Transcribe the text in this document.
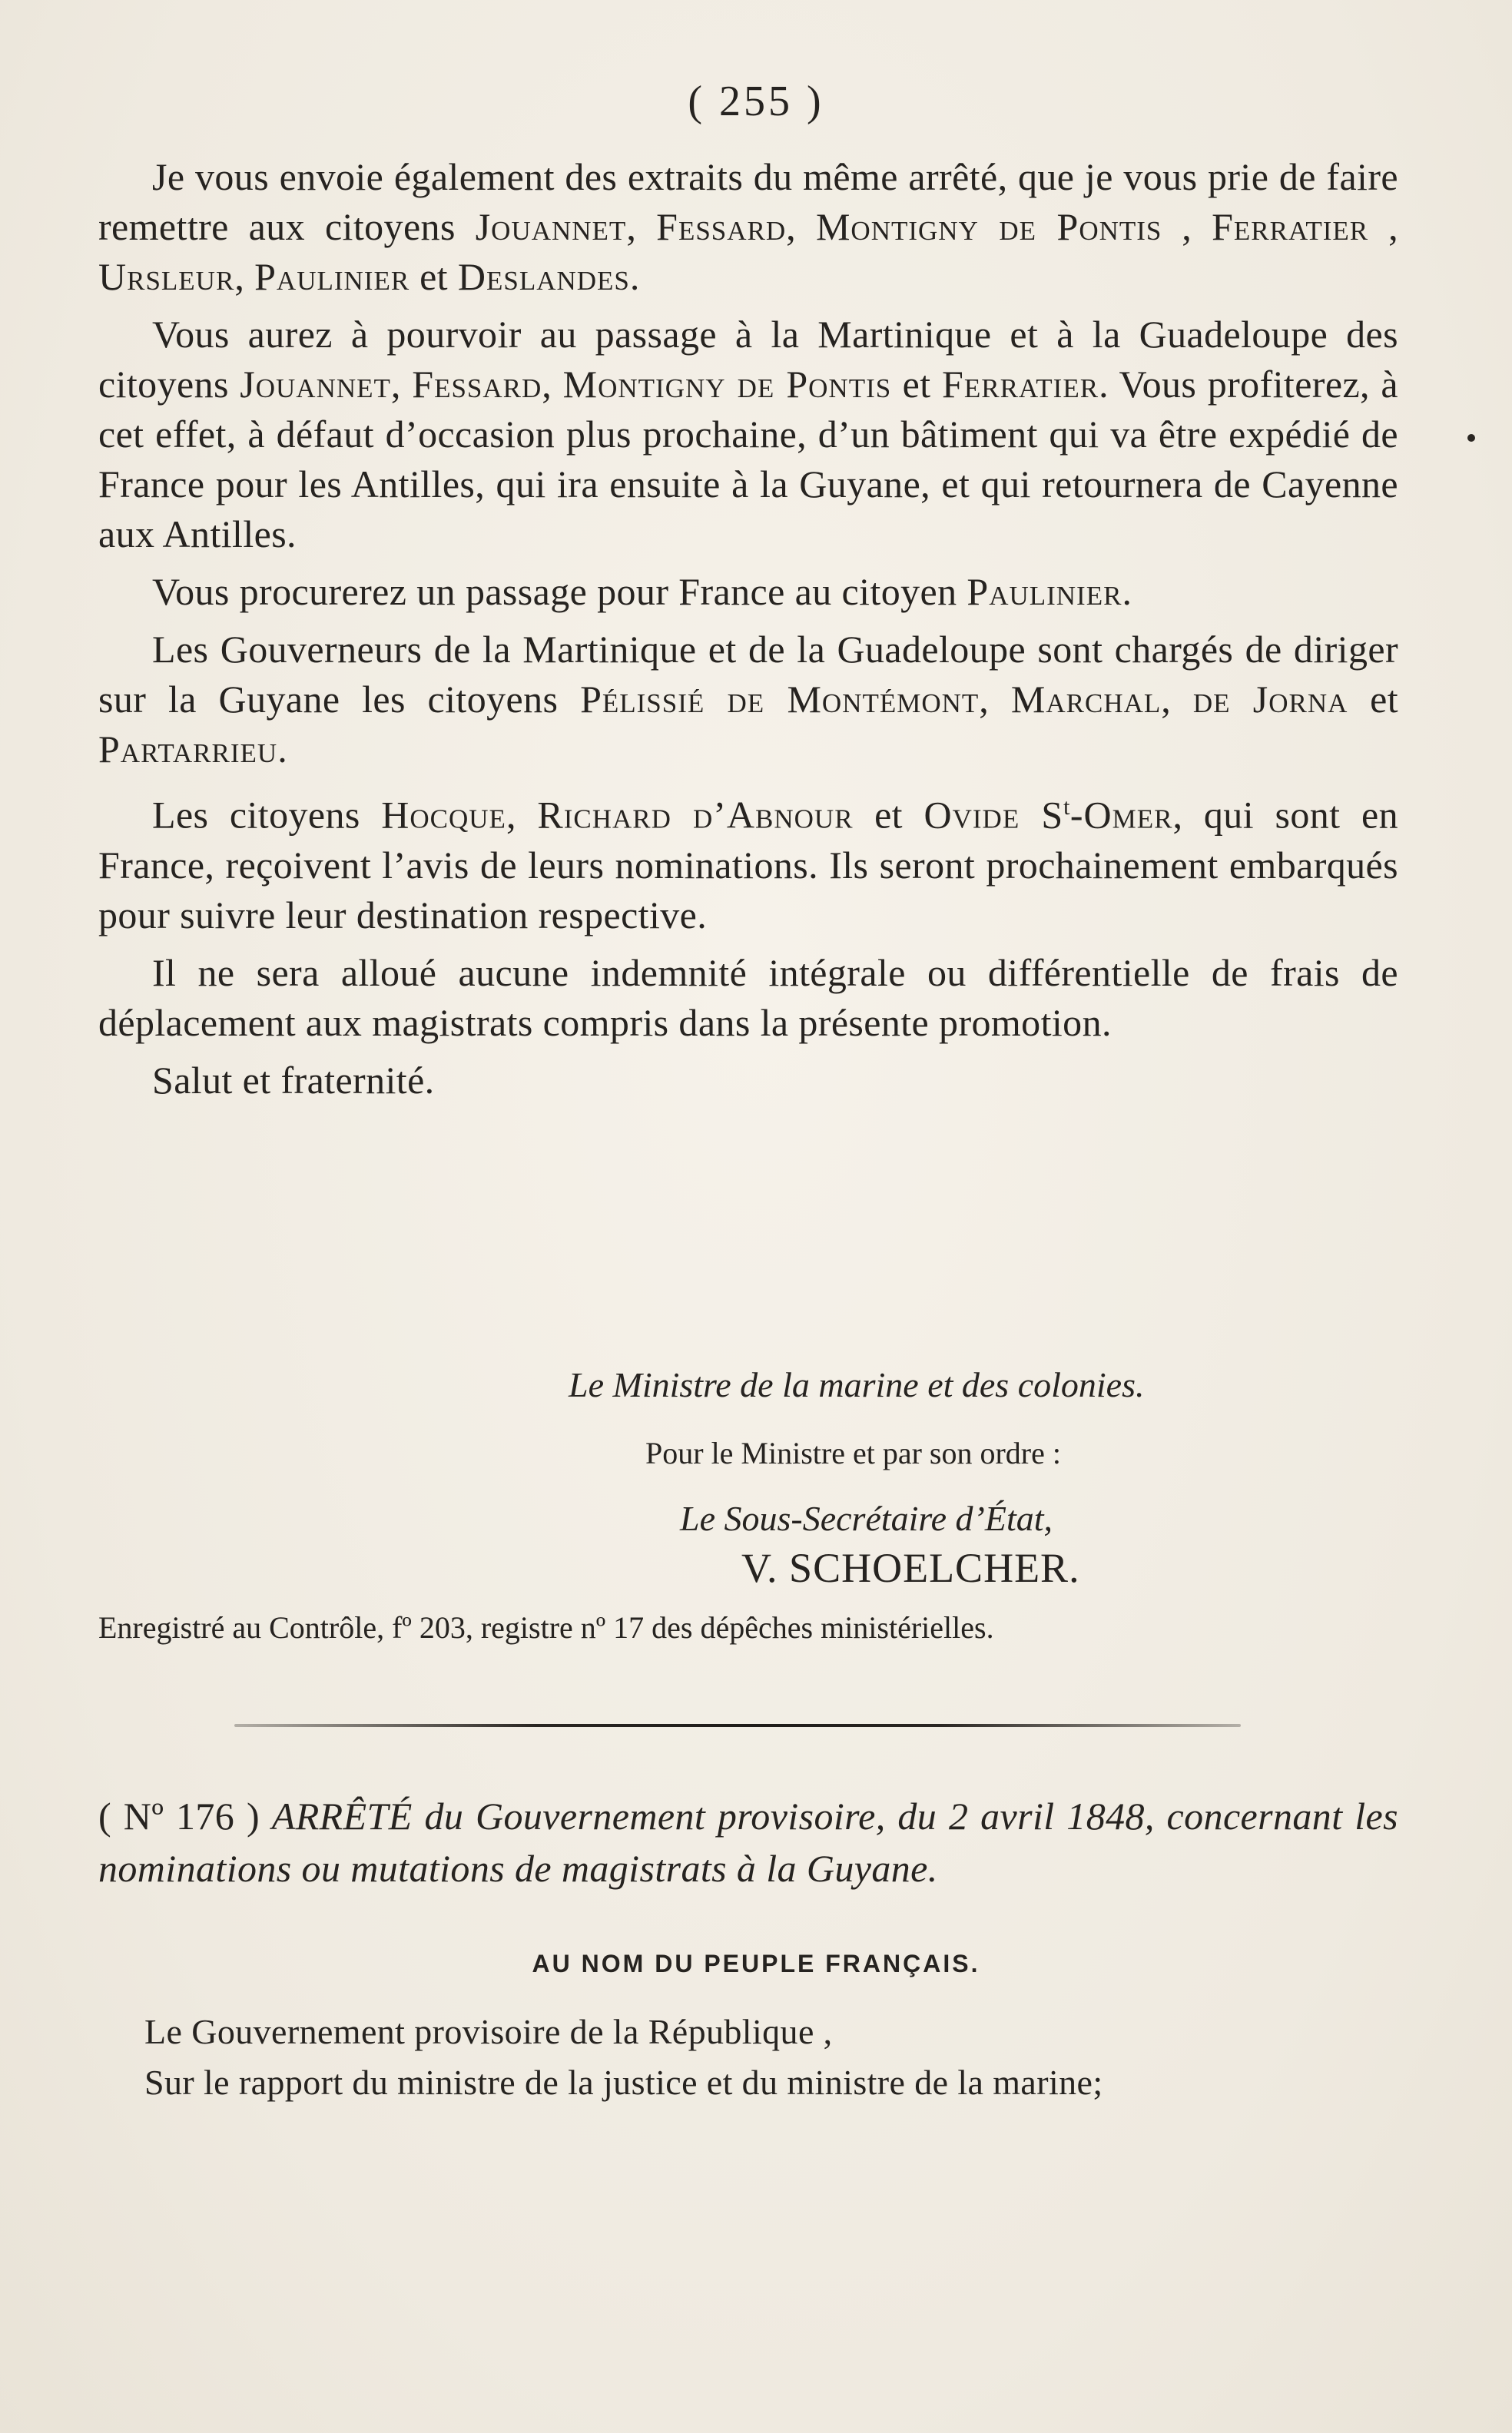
( 255 )

Je vous envoie également des extraits du même arrêté, que je vous prie de faire remettre aux citoyens Jouannet, Fessard, Montigny de Pontis , Ferratier , Ursleur, Paulinier et Deslandes.

Vous aurez à pourvoir au passage à la Martinique et à la Guadeloupe des citoyens Jouannet, Fessard, Montigny de Pontis et Ferratier. Vous profiterez, à cet effet, à défaut d’occasion plus prochaine, d’un bâtiment qui va être expédié de France pour les Antilles, qui ira ensuite à la Guyane, et qui retournera de Cayenne aux Antilles.

Vous procurerez un passage pour France au citoyen Paulinier.

Les Gouverneurs de la Martinique et de la Guadeloupe sont chargés de diriger sur la Guyane les citoyens Pélissié de Montémont, Marchal, de Jorna et Partarrieu.

Les citoyens Hocque, Richard d’Abnour et Ovide $S^t$-Omer, qui sont en France, reçoivent l’avis de leurs nominations. Ils seront prochainement embarqués pour suivre leur destination respective.

Il ne sera alloué aucune indemnité intégrale ou différentielle de frais de déplacement aux magistrats compris dans la présente promotion.

Salut et fraternité.

Le Ministre de la marine et des colonies.
Pour le Ministre et par son ordre :
Le Sous-Secrétaire d’État,
V. SCHOELCHER.
Enregistré au Contrôle, fº 203, registre nº 17 des dépêches ministérielles.

( Nº 176 ) ARRÊTÉ du Gouvernement provisoire, du 2 avril 1848, concernant les nominations ou mutations de magistrats à la Guyane.

AU NOM DU PEUPLE FRANÇAIS.

Le Gouvernement provisoire de la République ,

Sur le rapport du ministre de la justice et du ministre de la marine;
